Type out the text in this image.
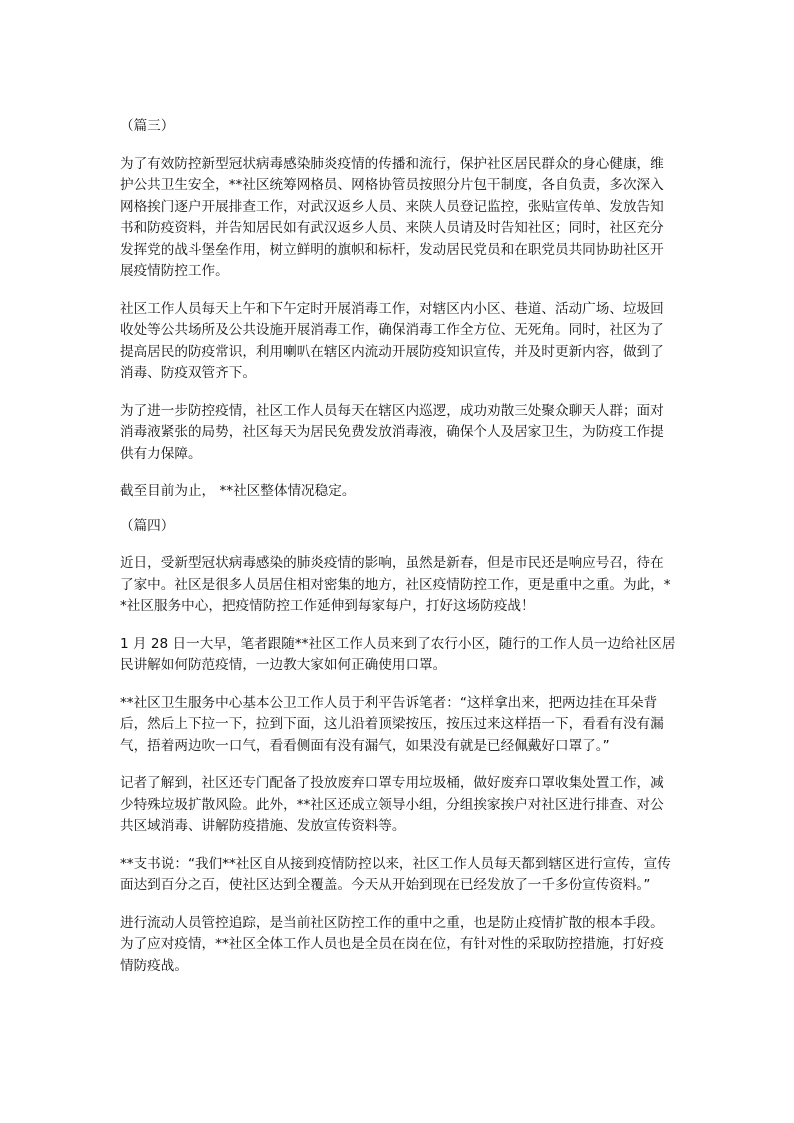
（篇三）

为了有效防控新型冠状病毒感染肺炎疫情的传播和流行，保护社区居民群众的身心健康，维护公共卫生安全，**社区统筹网格员、网格协管员按照分片包干制度，各自负责，多次深入网格挨门逐户开展排查工作，对武汉返乡人员、来陕人员登记监控，张贴宣传单、发放告知书和防疫资料，并告知居民如有武汉返乡人员、来陕人员请及时告知社区；同时，社区充分发挥党的战斗堡垒作用，树立鲜明的旗帜和标杆，发动居民党员和在职党员共同协助社区开展疫情防控工作。

社区工作人员每天上午和下午定时开展消毒工作，对辖区内小区、巷道、活动广场、垃圾回收处等公共场所及公共设施开展消毒工作，确保消毒工作全方位、无死角。同时，社区为了提高居民的防疫常识，利用喇叭在辖区内流动开展防疫知识宣传，并及时更新内容，做到了消毒、防疫双管齐下。

为了进一步防控疫情，社区工作人员每天在辖区内巡逻，成功劝散三处聚众聊天人群；面对消毒液紧张的局势，社区每天为居民免费发放消毒液，确保个人及居家卫生，为防疫工作提供有力保障。

截至目前为止， **社区整体情况稳定。

（篇四）

近日，受新型冠状病毒感染的肺炎疫情的影响，虽然是新春，但是市民还是响应号召，待在了家中。社区是很多人员居住相对密集的地方，社区疫情防控工作，更是重中之重。为此，**社区服务中心，把疫情防控工作延伸到每家每户，打好这场防疫战！

1 月 28 日一大早，笔者跟随**社区工作人员来到了农行小区，随行的工作人员一边给社区居民讲解如何防范疫情，一边教大家如何正确使用口罩。

**社区卫生服务中心基本公卫工作人员于利平告诉笔者：“这样拿出来，把两边挂在耳朵背后，然后上下拉一下，拉到下面，这儿沿着顶梁按压，按压过来这样捂一下，看看有没有漏气，捂着两边吹一口气，看看侧面有没有漏气，如果没有就是已经佩戴好口罩了。”

记者了解到，社区还专门配备了投放废弃口罩专用垃圾桶，做好废弃口罩收集处置工作，减少特殊垃圾扩散风险。此外，**社区还成立领导小组，分组挨家挨户对社区进行排查、对公共区域消毒、讲解防疫措施、发放宣传资料等。

**支书说：“我们**社区自从接到疫情防控以来，社区工作人员每天都到辖区进行宣传，宣传面达到百分之百，使社区达到全覆盖。今天从开始到现在已经发放了一千多份宣传资料。”

进行流动人员管控追踪，是当前社区防控工作的重中之重，也是防止疫情扩散的根本手段。为了应对疫情，**社区全体工作人员也是全员在岗在位，有针对性的采取防控措施，打好疫情防疫战。
